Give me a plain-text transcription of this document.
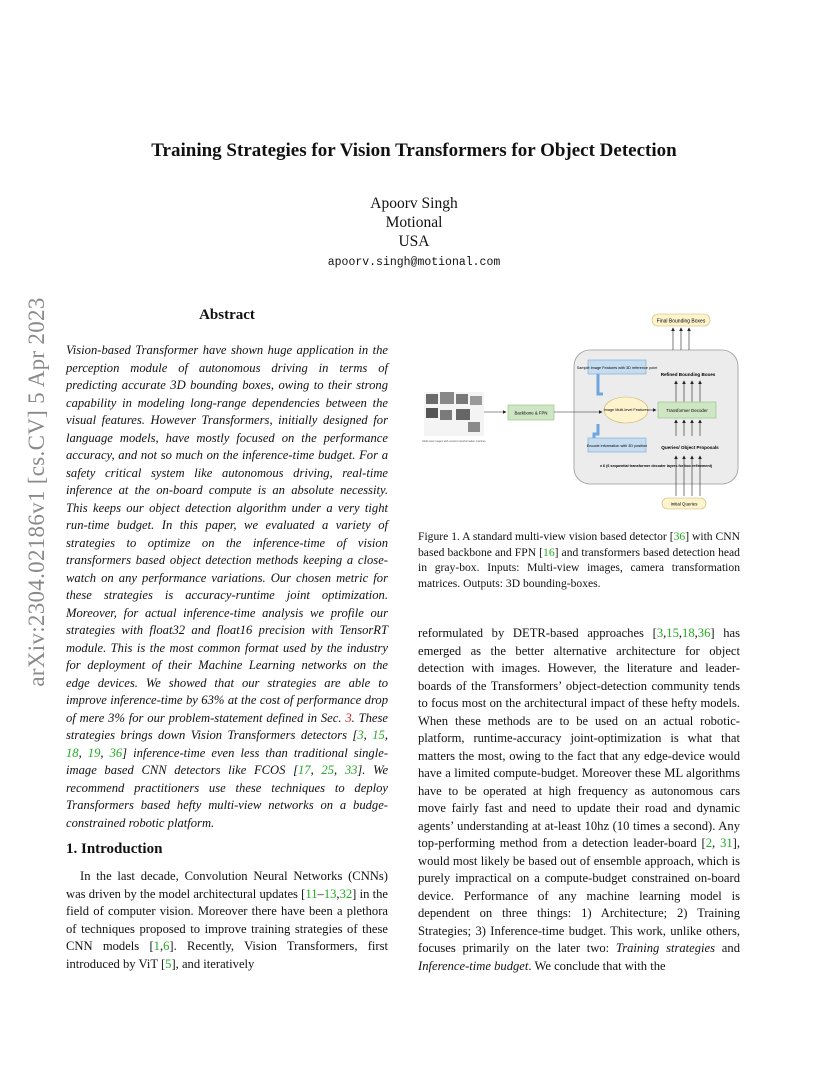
arXiv:2304.02186v1 [cs.CV] 5 Apr 2023
Training Strategies for Vision Transformers for Object Detection
Apoorv Singh
Motional
USA
apoorv.singh@motional.com
Abstract

Vision-based Transformer have shown huge application in the perception module of autonomous driving in terms of predicting accurate 3D bounding boxes, owing to their strong capability in modeling long-range dependencies between the visual features. However Transformers, initially designed for language models, have mostly focused on the performance accuracy, and not so much on the inference-time budget. For a safety critical system like autonomous driving, real-time inference at the on-board compute is an absolute necessity. This keeps our object detection algorithm under a very tight run-time budget. In this paper, we evaluated a variety of strategies to optimize on the inference-time of vision transformers based object detection methods keeping a close-watch on any performance variations. Our chosen metric for these strategies is accuracy-runtime joint optimization. Moreover, for actual inference-time analysis we profile our strategies with float32 and float16 precision with TensorRT module. This is the most common format used by the industry for deployment of their Machine Learning networks on the edge devices. We showed that our strategies are able to improve inference-time by 63% at the cost of performance drop of mere 3% for our problem-statement defined in Sec. 3. These strategies brings down Vision Transformers detectors [3, 15, 18, 19, 36] inference-time even less than traditional single-image based CNN detectors like FCOS [17, 25, 33]. We recommend practitioners use these techniques to deploy Transformers based hefty multi-view networks on a budge-constrained robotic platform.

1. Introduction

In the last decade, Convolution Neural Networks (CNNs) was driven by the model architectural updates [11–13,32] in the field of computer vision. Moreover there have been a plethora of techniques proposed to improve training strategies of these CNN models [1,6]. Recently, Vision Transformers, first introduced by ViT [5], and iteratively

Final Bounding Boxes
Sample Image Features with 3D reference point
Refined Bounding Boxes
Multi-view images with camera transformation matrices
Backbone & FPN
Image Multi-level Features	Transformer Decoder
Encode information with 3D position	Queries/ Object Proposals
x 6 (6 sequential transformer decoder layers for box refinement)
Initial Queries

Figure 1. A standard multi-view vision based detector [36] with CNN based backbone and FPN [16] and transformers based detection head in gray-box. Inputs: Multi-view images, camera transformation matrices. Outputs: 3D bounding-boxes.

reformulated by DETR-based approaches [3,15,18,36] has emerged as the better alternative architecture for object detection with images. However, the literature and leader-boards of the Transformers’ object-detection community tends to focus most on the architectural impact of these hefty models. When these methods are to be used on an actual robotic-platform, runtime-accuracy joint-optimization is what that matters the most, owing to the fact that any edge-device would have a limited compute-budget. Moreover these ML algorithms have to be operated at high frequency as autonomous cars move fairly fast and need to update their road and dynamic agents’ understanding at at-least 10hz (10 times a second). Any top-performing method from a detection leader-board [2, 31], would most likely be based out of ensemble approach, which is purely impractical on a compute-budget constrained on-board device. Performance of any machine learning model is dependent on three things: 1) Architecture; 2) Training Strategies; 3) Inference-time budget. This work, unlike others, focuses primarily on the later two: Training strategies and Inference-time budget. We conclude that with the
